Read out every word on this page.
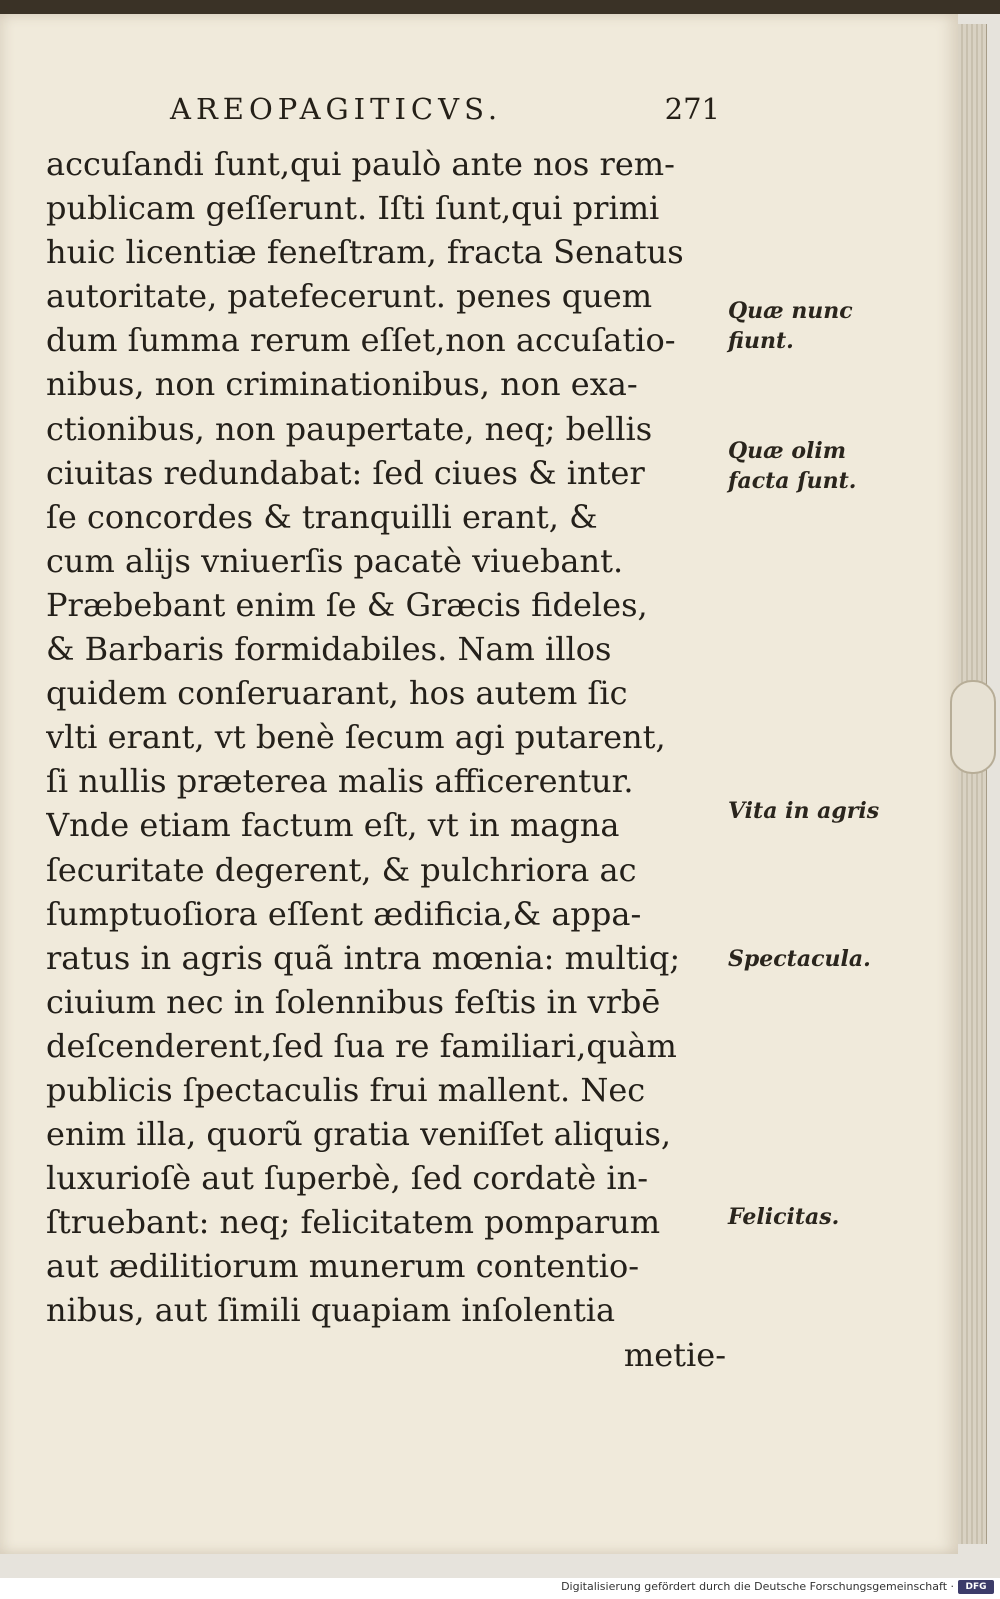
AREOPAGITICVS.	271
accuſandi ſunt,qui paulò ante nos rem-
publicam geſſerunt. Iſti ſunt,qui primi
huic licentiæ feneſtram, fracta Senatus
autoritate, patefecerunt. penes quem
dum ſumma rerum eſſet,non accuſatio-
nibus, non criminationibus, non exa-
ctionibus, non paupertate, neq; bellis
ciuitas redundabat: ſed ciues & inter
ſe concordes & tranquilli erant, &
cum alijs vniuerſis pacatè viuebant.
Præbebant enim ſe & Græcis fideles,
& Barbaris formidabiles. Nam illos
quidem conſeruarant, hos autem ſic
vlti erant, vt benè ſecum agi putarent,
ſi nullis præterea malis afficerentur.
Vnde etiam factum eſt, vt in magna
ſecuritate degerent, & pulchriora ac
ſumptuoſiora eſſent ædificia,& appa-
ratus in agris quã intra mœnia: multiq;
ciuium nec in ſolennibus feſtis in vrbē
deſcenderent,ſed ſua re familiari,quàm
publicis ſpectaculis frui mallent. Nec
enim illa, quorũ gratia veniſſet aliquis,
luxurioſè aut ſuperbè, ſed cordatè in-
ſtruebant: neq; felicitatem pomparum
aut ædilitiorum munerum contentio-
nibus, aut ſimili quapiam inſolentia
metie-

Quæ nunc fiunt.

Quæ olim facta ſunt.

Vita in agris

Spectacula.

Felicitas.

Digitalisierung gefördert durch die Deutsche Forschungsgemeinschaft ·	DFG
